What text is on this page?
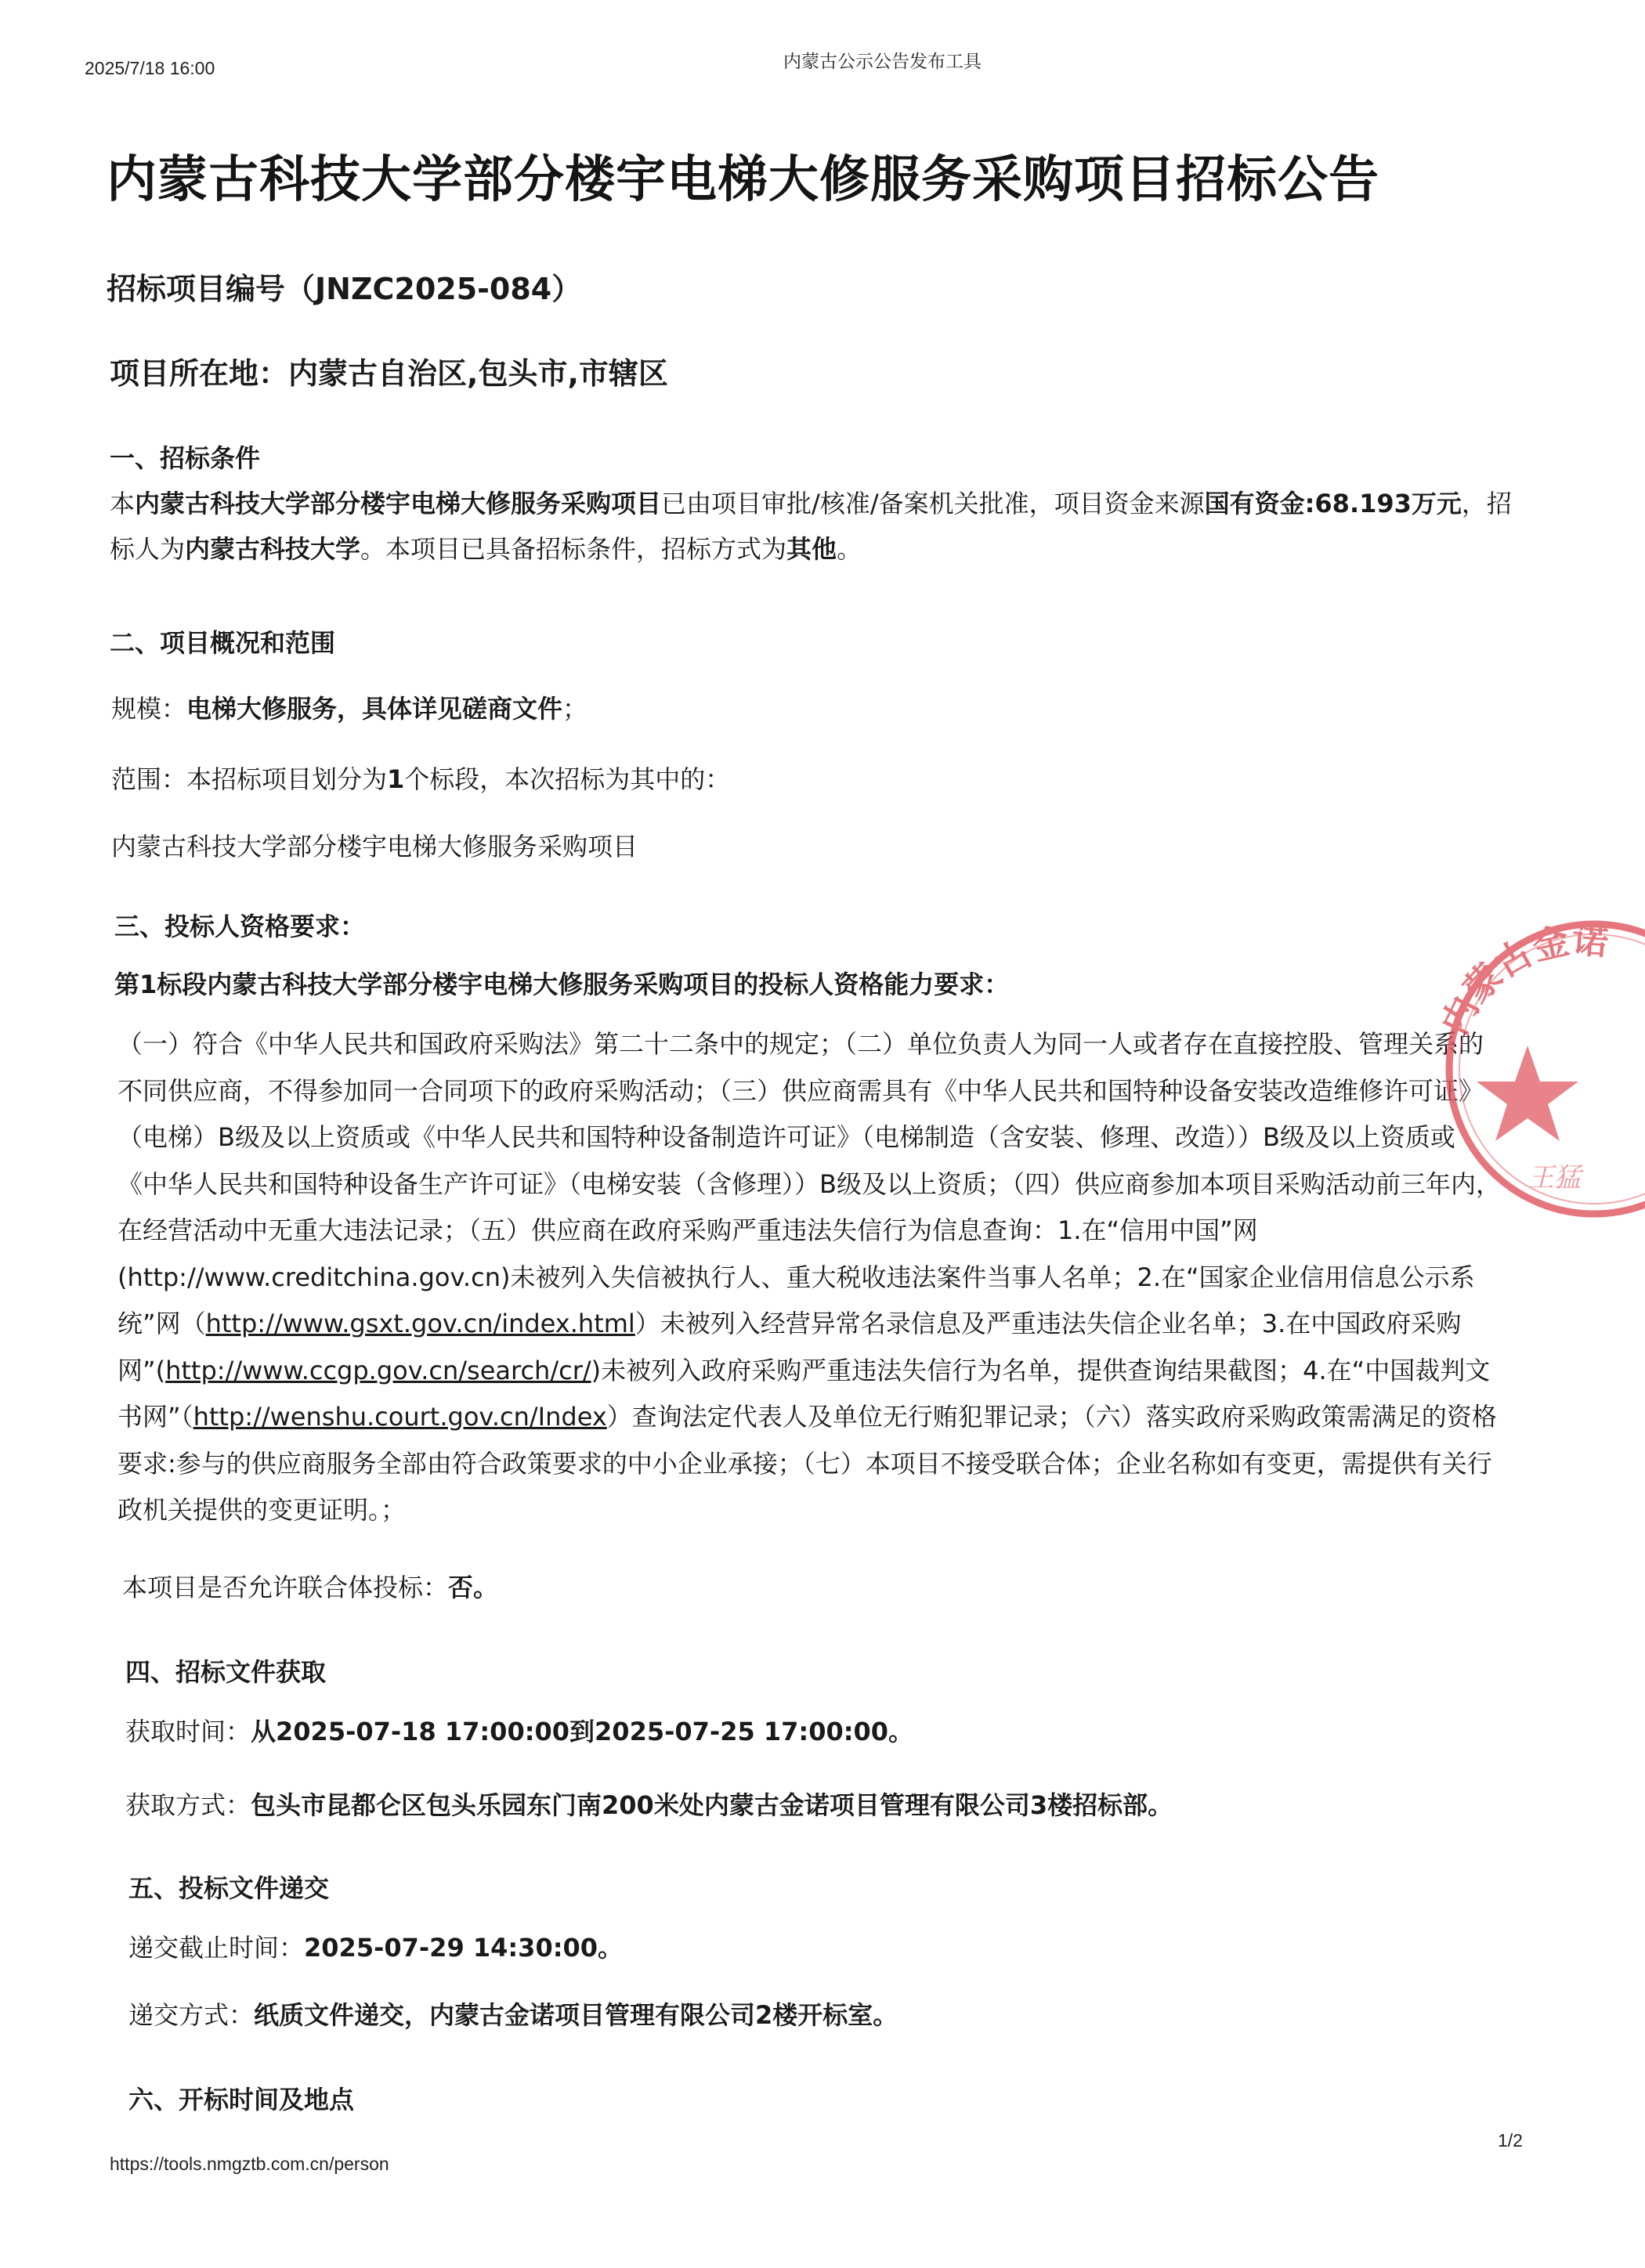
2025/7/18 16:00	内蒙古公示公告发布工具
内蒙古科技大学部分楼宇电梯大修服务采购项目招标公告
招标项目编号（JNZC2025-084）
项目所在地：内蒙古自治区,包头市,市辖区
一、招标条件

本内蒙古科技大学部分楼宇电梯大修服务采购项目已由项目审批/核准/备案机关批准，项目资金来源国有资金:68.193万元，招标人为内蒙古科技大学。本项目已具备招标条件，招标方式为其他。

二、项目概况和范围
规模：电梯大修服务，具体详见磋商文件；
范围：本招标项目划分为1个标段，本次招标为其中的：
内蒙古科技大学部分楼宇电梯大修服务采购项目
三、投标人资格要求：
第1标段内蒙古科技大学部分楼宇电梯大修服务采购项目的投标人资格能力要求：

（一）符合《中华人民共和国政府采购法》第二十二条中的规定；（二）单位负责人为同一人或者存在直接控股、管理关系的不同供应商，不得参加同一合同项下的政府采购活动；（三）供应商需具有《中华人民共和国特种设备安装改造维修许可证》（电梯）B级及以上资质或《中华人民共和国特种设备制造许可证》（电梯制造（含安装、修理、改造））B级及以上资质或《中华人民共和国特种设备生产许可证》（电梯安装（含修理））B级及以上资质；（四）供应商参加本项目采购活动前三年内，在经营活动中无重大违法记录；（五）供应商在政府采购严重违法失信行为信息查询：1.在“信用中国”网(http://www.creditchina.gov.cn)未被列入失信被执行人、重大税收违法案件当事人名单；2.在“国家企业信用信息公示系统”网（http://www.gsxt.gov.cn/index.html）未被列入经营异常名录信息及严重违法失信企业名单；3.在中国政府采购网”(http://www.ccgp.gov.cn/search/cr/)未被列入政府采购严重违法失信行为名单，提供查询结果截图；4.在“中国裁判文书网”（http://wenshu.court.gov.cn/Index）查询法定代表人及单位无行贿犯罪记录；（六）落实政府采购政策需满足的资格要求:参与的供应商服务全部由符合政策要求的中小企业承接；（七）本项目不接受联合体；企业名称如有变更，需提供有关行政机关提供的变更证明。；

本项目是否允许联合体投标：否。
四、招标文件获取
获取时间：从2025-07-18 17:00:00到2025-07-25 17:00:00。
获取方式：包头市昆都仑区包头乐园东门南200米处内蒙古金诺项目管理有限公司3楼招标部。
五、投标文件递交
递交截止时间：2025-07-29 14:30:00。
递交方式：纸质文件递交，内蒙古金诺项目管理有限公司2楼开标室。
六、开标时间及地点
1/2
https://tools.nmgztb.com.cn/person
内蒙古金诺
王猛
